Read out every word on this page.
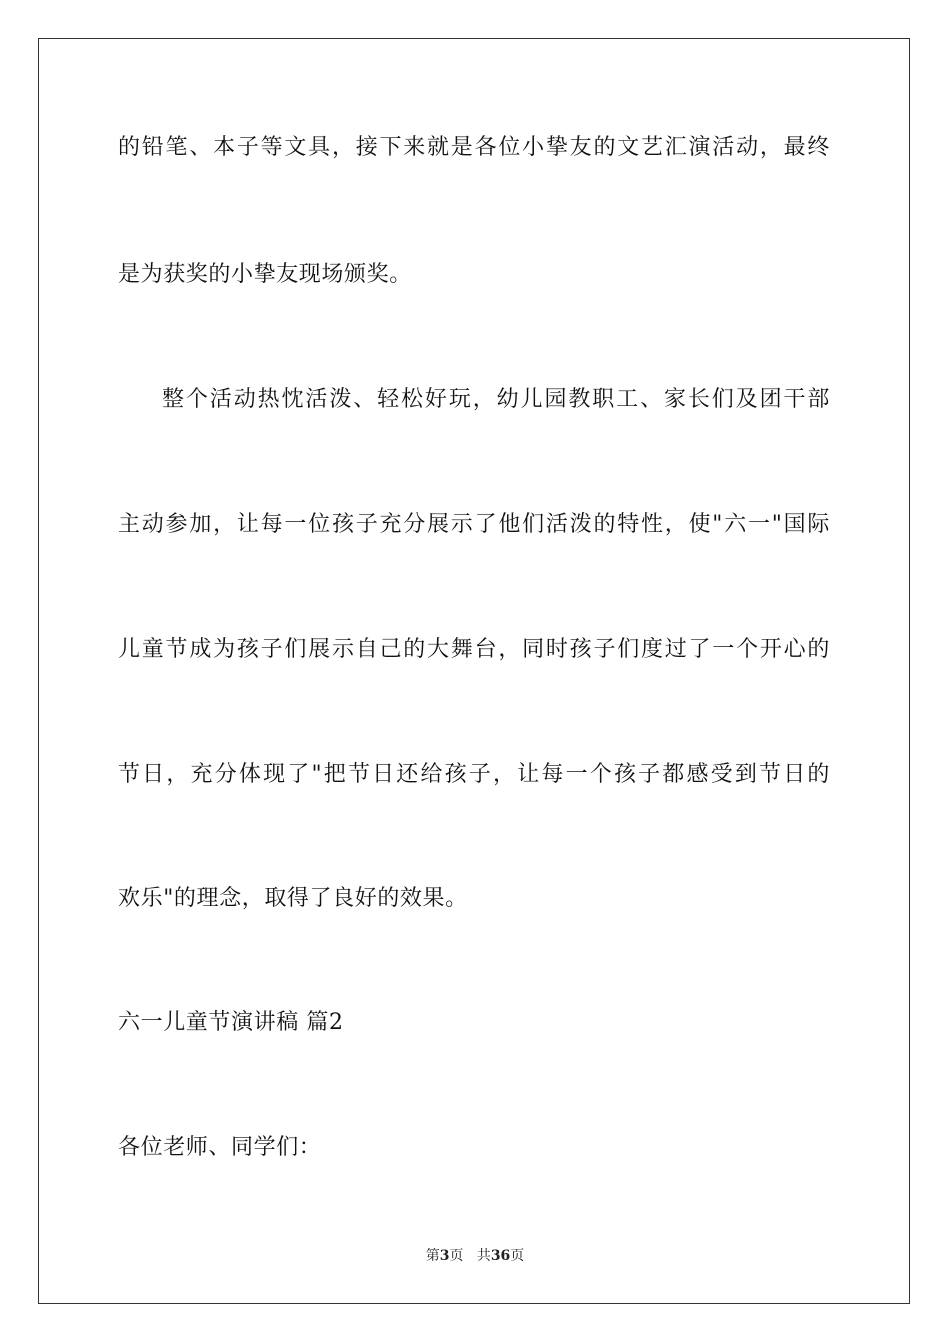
的铅笔、本子等文具，接下来就是各位小挚友的文艺汇演活动，最终
是为获奖的小挚友现场颁奖。
整个活动热忱活泼、轻松好玩，幼儿园教职工、家长们及团干部
主动参加，让每一位孩子充分展示了他们活泼的特性，使"六一"国际
儿童节成为孩子们展示自己的大舞台，同时孩子们度过了一个开心的
节日，充分体现了"把节日还给孩子，让每一个孩子都感受到节日的
欢乐"的理念，取得了良好的效果。
六一儿童节演讲稿 篇2
各位老师、同学们：
第3页 共36页
